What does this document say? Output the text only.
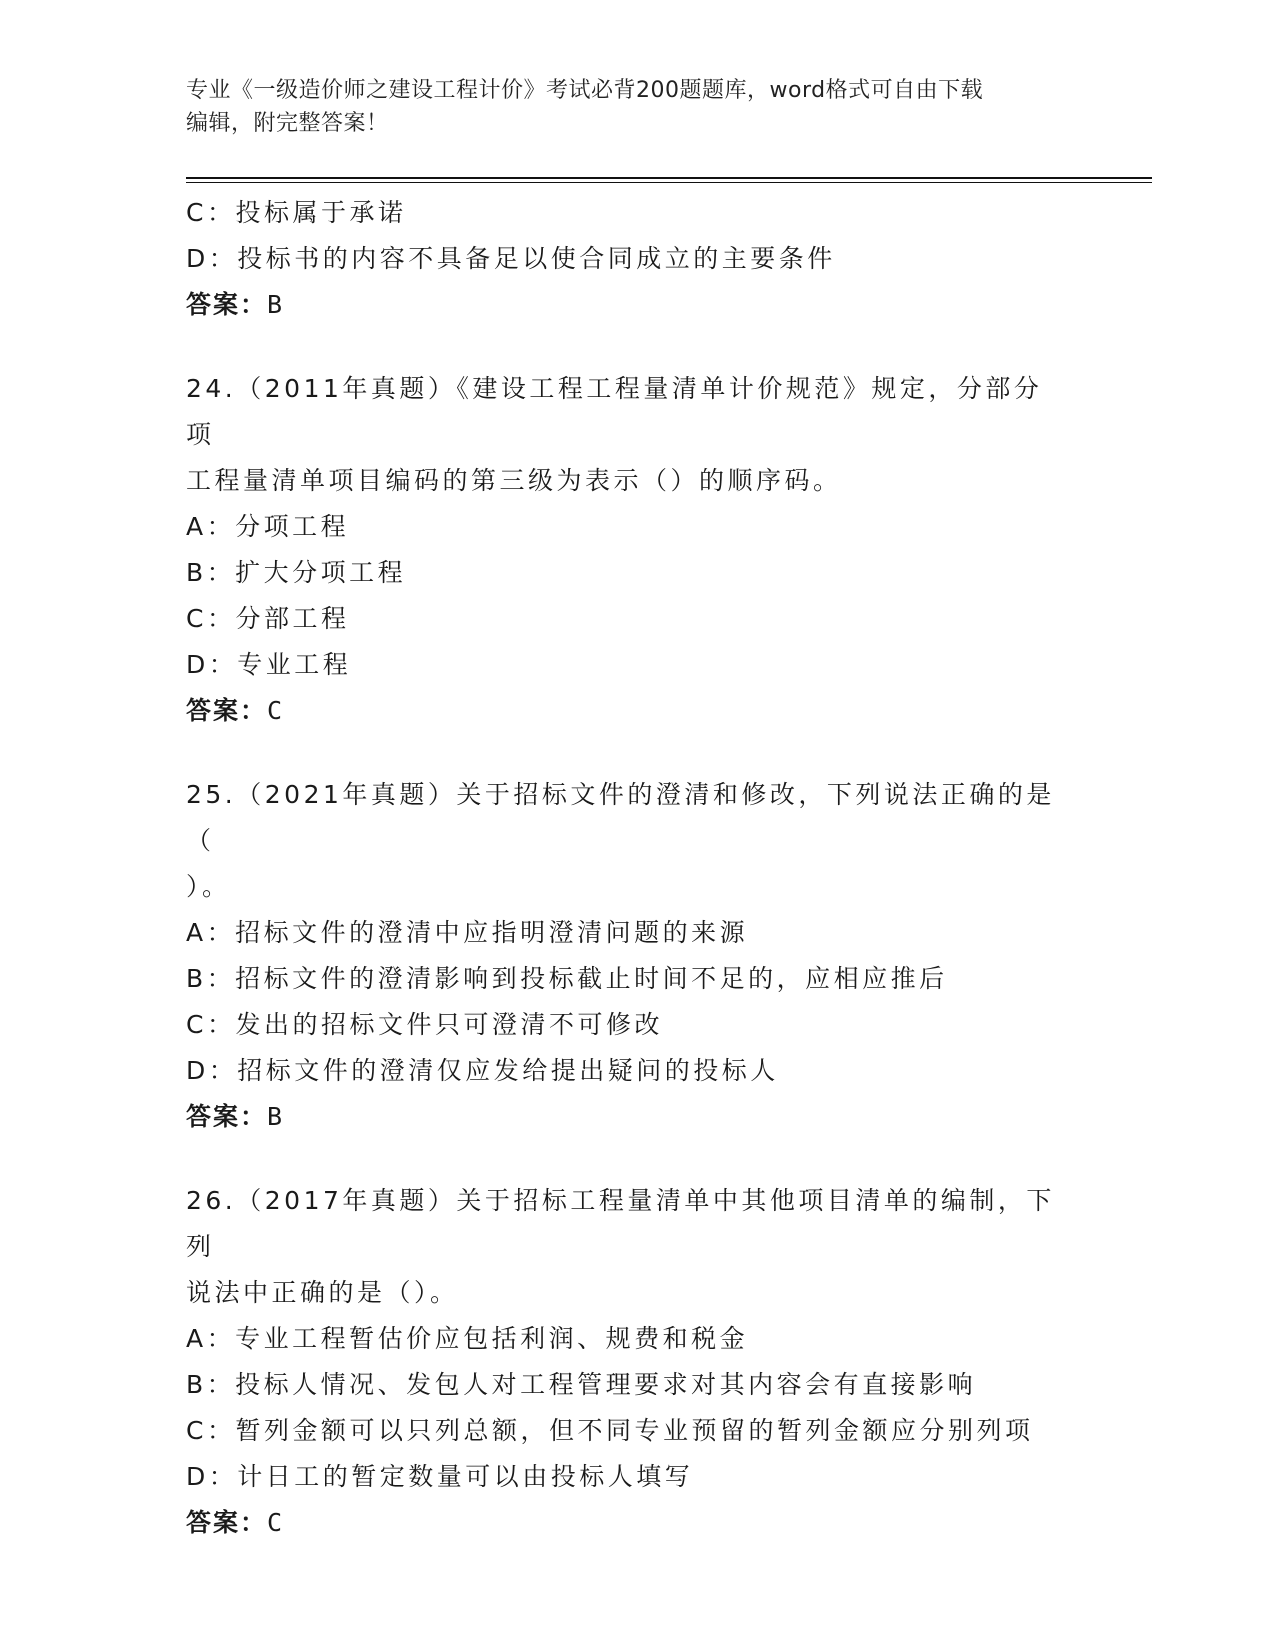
专业《一级造价师之建设工程计价》考试必背200题题库，word格式可自由下载
编辑，附完整答案！

C：投标属于承诺

D：投标书的内容不具备足以使合同成立的主要条件

答案：B

24.（2011年真题）《建设工程工程量清单计价规范》规定，分部分项

工程量清单项目编码的第三级为表示（）的顺序码。

A：分项工程

B：扩大分项工程

C：分部工程

D：专业工程

答案：C

25.（2021年真题）关于招标文件的澄清和修改，下列说法正确的是（

）。

A：招标文件的澄清中应指明澄清问题的来源

B：招标文件的澄清影响到投标截止时间不足的，应相应推后

C：发出的招标文件只可澄清不可修改

D：招标文件的澄清仅应发给提出疑问的投标人

答案：B

26.（2017年真题）关于招标工程量清单中其他项目清单的编制，下列

说法中正确的是（）。

A：专业工程暂估价应包括利润、规费和税金

B：投标人情况、发包人对工程管理要求对其内容会有直接影响

C：暂列金额可以只列总额，但不同专业预留的暂列金额应分别列项

D：计日工的暂定数量可以由投标人填写

答案：C
